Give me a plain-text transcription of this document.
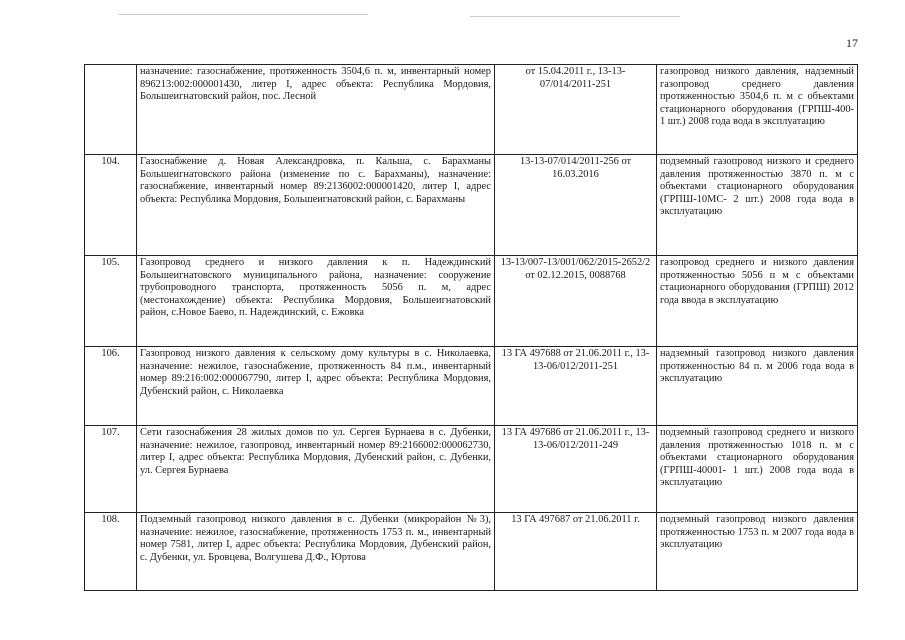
17
	назначение: газоснабжение, протяженность 3504,6 п. м, инвентарный номер 896213:002:000001430, литер I, адрес объекта: Республика Мордовия, Большеигнатовский район, пос. Лесной	от 15.04.2011 г., 13-13-07/014/2011-251	газопровод низкого давления, надземный газопровод среднего давления протяженностью 3504,6 п. м с объектами стационарного оборудования (ГРПШ-400- 1 шт.) 2008 года вода в эксплуатацию
104.	Газоснабжение д. Новая Александровка, п. Кальша, с. Барахманы Большеигнатовского района (изменение по с. Барахманы), назначение: газоснабжение, инвентарный номер 89:2136002:000001420, литер I, адрес объекта: Республика Мордовия, Большеигнатовский район, с. Барахманы	13-13-07/014/2011-256 от 16.03.2016	подземный газопровод низкого и среднего давления протяженностью 3870 п. м с объектами стационарного оборудования (ГРПШ-10МС- 2 шт.) 2008 года вода в эксплуатацию
105.	Газопровод среднего и низкого давления к п. Надеждинский Большеигнатовского муниципального района, назначение: сооружение трубопроводного транспорта, протяженность 5056 п. м, адрес (местонахождение) объекта: Республика Мордовия, Большеигнатовский район, с.Новое Баево, п. Надеждинский, с. Ежовка	13-13/007-13/001/062/2015-2652/2 от 02.12.2015, 0088768	газопровод среднего и низкого давления протяженностью 5056 п м с объектами стационарного оборудования (ГРПШ) 2012 года ввода в эксплуатацию
106.	Газопровод низкого давления к сельскому дому культуры в с. Николаевка, назначение: нежилое, газоснабжение, протяженность 84 п.м., инвентарный номер 89:216:002:000067790, литер I, адрес объекта: Республика Мордовия, Дубенский район, с. Николаевка	13 ГА 497688 от 21.06.2011 г., 13-13-06/012/2011-251	надземный газопровод низкого давления протяженностью 84 п. м 2006 года вода в эксплуатацию
107.	Сети газоснабжения 28 жилых домов по ул. Сергея Бурнаева в с. Дубенки, назначение: нежилое, газопровод, инвентарный номер 89:2166002:000062730, литер I, адрес объекта: Республика Мордовия, Дубенский район, с. Дубенки, ул. Сергея Бурнаева	13 ГА 497686 от 21.06.2011 г., 13-13-06/012/2011-249	подземный газопровод среднего и низкого давления протяженностью 1018 п. м с объектами стационарного оборудования (ГРПШ-40001- 1 шт.) 2008 года вода в эксплуатацию
108.	Подземный газопровод низкого давления в с. Дубенки (микрорайон №3), назначение: нежилое, газоснабжение, протяженность 1753 п. м., инвентарный номер 7581, литер I, адрес объекта: Республика Мордовия, Дубенский район, с. Дубенки, ул. Бровцева, Волгушева Д.Ф., Юртова	13 ГА 497687 от 21.06.2011 г.	подземный газопровод низкого давления протяженностью 1753 п. м 2007 года вода в эксплуатацию
